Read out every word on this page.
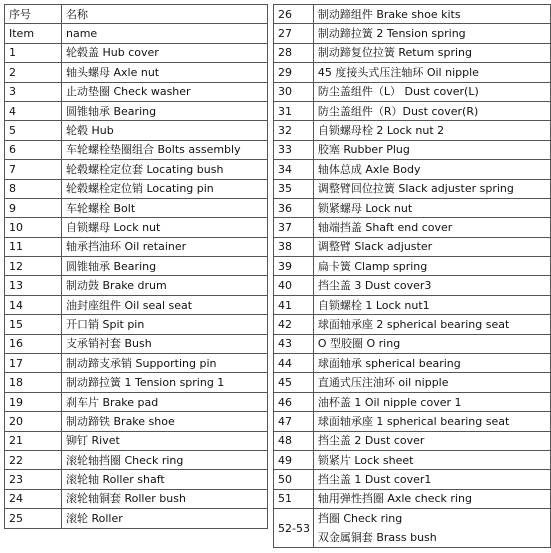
序号	名称
Item	name
1	轮毂盖 Hub cover
2	轴头螺母 Axle nut
3	止动垫圈 Check washer
4	圆锥轴承 Bearing
5	轮毂 Hub
6	车轮螺栓垫圈组合 Bolts assembly
7	轮毂螺栓定位套 Locating bush
8	轮毂螺栓定位销 Locating pin
9	车轮螺栓 Bolt
10	自锁螺母 Lock nut
11	轴承挡油环 Oil retainer
12	圆锥轴承 Bearing
13	制动鼓 Brake drum
14	油封座组件 Oil seal seat
15	开口销 Spit pin
16	支承销衬套 Bush
17	制动蹄支承销 Supporting pin
18	制动蹄拉簧 1 Tension spring 1
19	刹车片 Brake pad
20	制动蹄铁 Brake shoe
21	铆钉 Rivet
22	滚轮轴挡圈 Check ring
23	滚轮轴 Roller shaft
24	滚轮轴铜套 Roller bush
25	滚轮 Roller
26	制动蹄组件 Brake shoe kits
27	制动蹄拉簧 2 Tension spring
28	制动蹄复位拉簧 Retum spring
29	45 度接头式压注轴环 Oil nipple
30	防尘盖组件（L） Dust cover(L)
31	防尘盖组件（R）Dust cover(R)
32	自锁螺母栓 2 Lock nut 2
33	胶塞 Rubber Plug
34	轴体总成 Axle Body
35	调整臂回位拉簧 Slack adjuster spring
36	锁紧螺母 Lock nut
37	轴端挡盖 Shaft end cover
38	调整臂 Slack adjuster
39	扁卡簧 Clamp spring
40	挡尘盖 3 Dust cover3
41	自锁螺栓 1 Lock nut1
42	球面轴承座 2 spherical bearing seat
43	O 型胶圈 O ring
44	球面轴承 spherical bearing
45	直通式压注油环 oil nipple
46	油杯盖 1 Oil nipple cover 1
47	球面轴承座 1 spherical bearing seat
48	挡尘盖 2 Dust cover
49	锁紧片 Lock sheet
50	挡尘盖 1 Dust cover1
51	轴用弹性挡圈 Axle check ring
52-53	挡圈 Check ring
双金属铜套 Brass bush
